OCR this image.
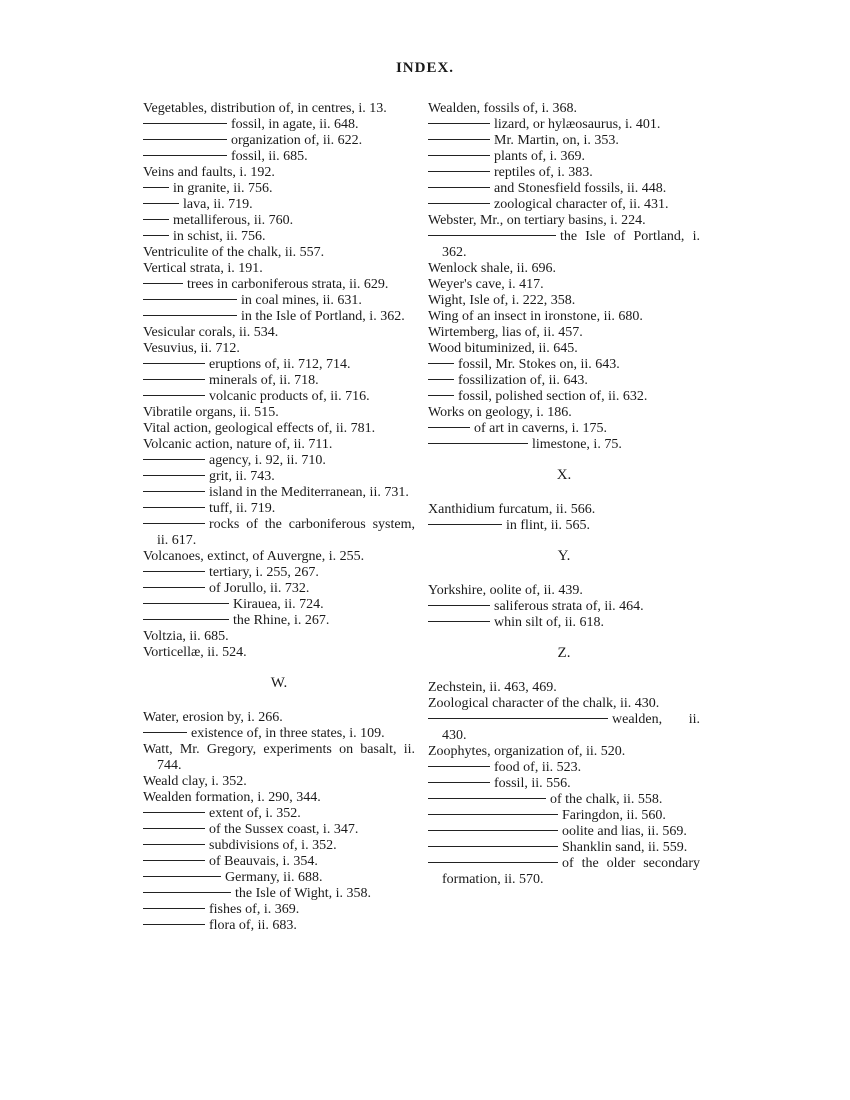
INDEX.
Vegetables, distribution of, in centres, i. 13.
fossil, in agate, ii. 648.
organization of, ii. 622.
fossil, ii. 685.
Veins and faults, i. 192.
in granite, ii. 756.
lava, ii. 719.
metalliferous, ii. 760.
in schist, ii. 756.
Ventriculite of the chalk, ii. 557.
Vertical strata, i. 191.
trees in carboniferous strata, ii. 629.
in coal mines, ii. 631.
in the Isle of Portland, i. 362.
Vesicular corals, ii. 534.
Vesuvius, ii. 712.
eruptions of, ii. 712, 714.
minerals of, ii. 718.
volcanic products of, ii. 716.
Vibratile organs, ii. 515.
Vital action, geological effects of, ii. 781.
Volcanic action, nature of, ii. 711.
agency, i. 92, ii. 710.
grit, ii. 743.
island in the Mediterranean, ii. 731.
tuff, ii. 719.
rocks of the carboniferous system, ii. 617.
Volcanoes, extinct, of Auvergne, i. 255.
tertiary, i. 255, 267.
of Jorullo, ii. 732.
Kirauea, ii. 724.
the Rhine, i. 267.
Voltzia, ii. 685.
Vorticellæ, ii. 524.
W.
Water, erosion by, i. 266.
existence of, in three states, i. 109.
Watt, Mr. Gregory, experiments on basalt, ii. 744.
Weald clay, i. 352.
Wealden formation, i. 290, 344.
extent of, i. 352.
of the Sussex coast, i. 347.
subdivisions of, i. 352.
of Beauvais, i. 354.
Germany, ii. 688.
the Isle of Wight, i. 358.
fishes of, i. 369.
flora of, ii. 683.
Wealden, fossils of, i. 368.
lizard, or hylæosaurus, i. 401.
Mr. Martin, on, i. 353.
plants of, i. 369.
reptiles of, i. 383.
and Stonesfield fossils, ii. 448.
zoological character of, ii. 431.
Webster, Mr., on tertiary basins, i. 224.
the Isle of Portland, i. 362.
Wenlock shale, ii. 696.
Weyer's cave, i. 417.
Wight, Isle of, i. 222, 358.
Wing of an insect in ironstone, ii. 680.
Wirtemberg, lias of, ii. 457.
Wood bituminized, ii. 645.
fossil, Mr. Stokes on, ii. 643.
fossilization of, ii. 643.
fossil, polished section of, ii. 632.
Works on geology, i. 186.
of art in caverns, i. 175.
limestone, i. 75.
X.
Xanthidium furcatum, ii. 566.
in flint, ii. 565.
Y.
Yorkshire, oolite of, ii. 439.
saliferous strata of, ii. 464.
whin silt of, ii. 618.
Z.
Zechstein, ii. 463, 469.
Zoological character of the chalk, ii. 430.
wealden, ii. 430.
Zoophytes, organization of, ii. 520.
food of, ii. 523.
fossil, ii. 556.
of the chalk, ii. 558.
Faringdon, ii. 560.
oolite and lias, ii. 569.
Shanklin sand, ii. 559.
of the older secondary formation, ii. 570.
